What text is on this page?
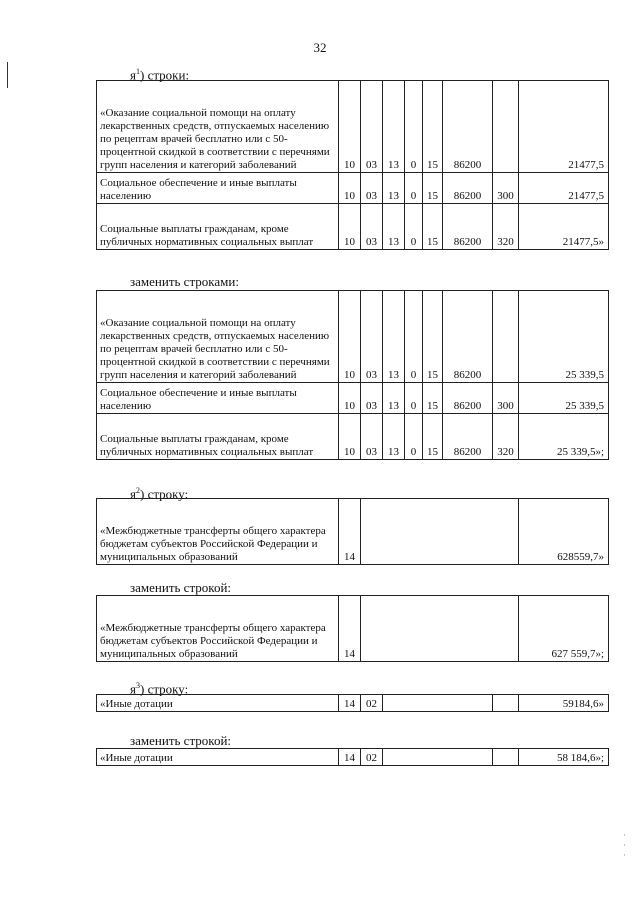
32
$я^1$) строки:
«Оказание социальной помощи на оплату лекарственных средств, отпускаемых населению по рецептам врачей бесплатно или с 50-процентной скидкой в соответствии с перечнями групп населения и категорий заболеваний	10	03	13	0	15	86200		21477,5
Социальное обеспечение и иные выплаты населению	10	03	13	0	15	86200	300	21477,5
Социальные выплаты гражданам, кроме публичных нормативных социальных выплат	10	03	13	0	15	86200	320	21477,5»
заменить строками:
«Оказание социальной помощи на оплату лекарственных средств, отпускаемых населению по рецептам врачей бесплатно или с 50-процентной скидкой в соответствии с перечнями групп населения и категорий заболеваний	10	03	13	0	15	86200		25 339,5
Социальное обеспечение и иные выплаты населению	10	03	13	0	15	86200	300	25 339,5
Социальные выплаты гражданам, кроме публичных нормативных социальных выплат	10	03	13	0	15	86200	320	25 339,5»;
$я^2$) строку:
«Межбюджетные трансферты общего характера бюджетам субъектов Российской Федерации и муниципальных образований	14		628559,7»
заменить строкой:
«Межбюджетные трансферты общего характера бюджетам субъектов Российской Федерации и муниципальных образований	14		627 559,7»;
$я^3$) строку:
«Иные дотации	14	02			59184,6»
заменить строкой:
«Иные дотации	14	02			58 184,6»;
·
·
·
